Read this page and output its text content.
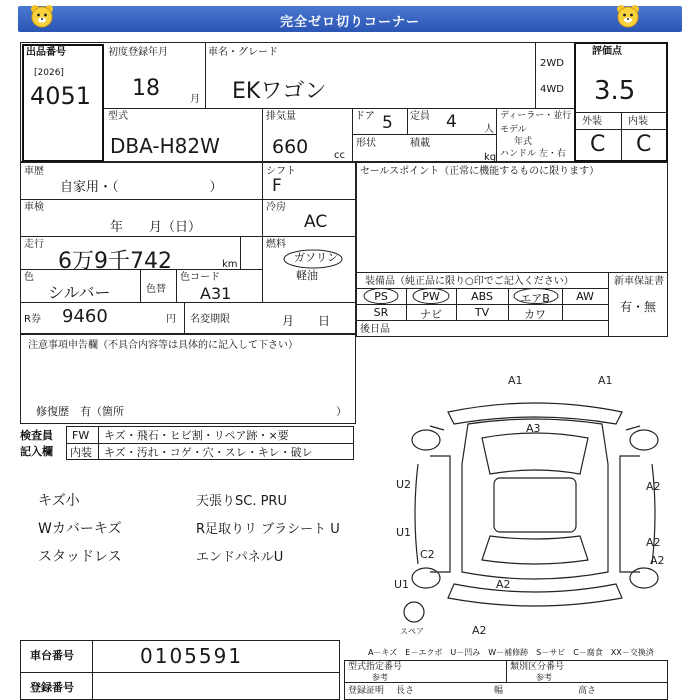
完全ゼロ切りコーナー
出品番号
[2026]
4051
初度登録年月
18	月
車名・グレード
EKワゴン
2WD
4WD
評価点
3.5
外装	内装
C C
型式
DBA-H82W
排気量
660	cc
ドア 5 定員 4	人
形状	積載
kg
ディーラー・並行
モデル
年式
ハンドル 左・右
車歴
自家用・（　　　　　　　）
シフト
F
車検
年　　月（日）
冷房
AC
走行
6万9千742	km
燃料
ガソリン
軽油
色
シルバー	色替
色コード
A31
R券 9460	円 名変期限	月　　日
セールスポイント（正常に機能するものに限ります）
装備品（純正品に限り○印でご記入ください）	新車保証書
有・無
PS	PW	ABS	エアB	AW
SR	ナビ	TV	カワ
後日品
注意事項申告欄（不具合内容等は具体的に記入して下さい）
修復歴　有（箇所	）
検査員
記入欄
FW キズ・飛石・ヒビ割・リペア跡・×要
内装 キズ・汚れ・コゲ・穴・スレ・キレ・破レ
キズ小
Wカバーキズ
スタッドレス
天張りSC. PRU
R足取りリ ブラシート U
エンドパネルU
A1	A1
A3
U2	A2
U1
A2
A2
A2
U1
A2
C2
スペア
A－キズ　E－エクボ　U－凹み　W－補修跡　S－サビ　C－腐食　XX－交換済
車台番号	0105591
登録番号
型式指定番号
参考
類別区分番号
参考
登録証明 長さ	幅	高さ
